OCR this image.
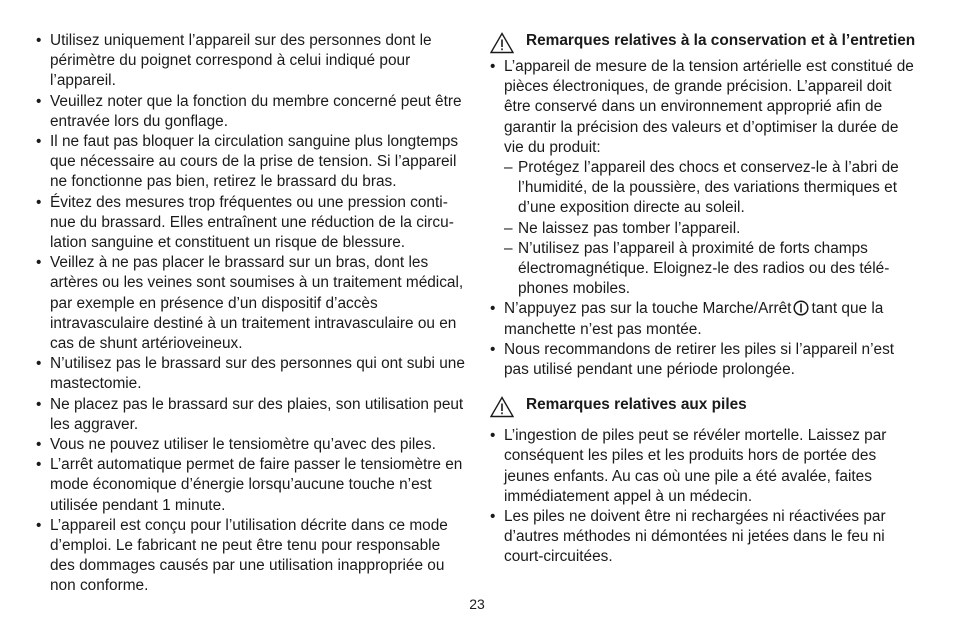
• Utilisez uniquement l’appareil sur des personnes dont le périmètre du poignet correspond à celui indiqué pour l’appareil.
• Veuillez noter que la fonction du membre concerné peut être entravée lors du gonflage.
• Il ne faut pas bloquer la circulation sanguine plus longtemps que nécessaire au cours de la prise de tension. Si l’appareil ne fonctionne pas bien, retirez le brassard du bras.
• Évitez des mesures trop fréquentes ou une pression continue du brassard. Elles entraînent une réduction de la circulation sanguine et constituent un risque de blessure.
• Veillez à ne pas placer le brassard sur un bras, dont les artères ou les veines sont soumises à un traitement médical, par exemple en présence d’un dispositif d’accès intravasculaire destiné à un traitement intravasculaire ou en cas de shunt artérioveineux.
• N’utilisez pas le brassard sur des personnes qui ont subi une mastectomie.
• Ne placez pas le brassard sur des plaies, son utilisation peut les aggraver.
• Vous ne pouvez utiliser le tensiomètre qu’avec des piles.
• L’arrêt automatique permet de faire passer le tensiomètre en mode économique d’énergie lorsqu’aucune touche n’est utilisée pendant 1 minute.
• L’appareil est conçu pour l’utilisation décrite dans ce mode d’emploi. Le fabricant ne peut être tenu pour responsable des dommages causés par une utilisation inappropriée ou non conforme.
Remarques relatives à la conservation et à l’entretien
• L’appareil de mesure de la tension artérielle est constitué de pièces électroniques, de grande précision. L’appareil doit être conservé dans un environnement approprié afin de garantir la précision des valeurs et d’optimiser la durée de vie du produit:
– Protégez l’appareil des chocs et conservez-le à l’abri de l’humidité, de la poussière, des variations thermiques et d’une exposition directe au soleil.
– Ne laissez pas tomber l’appareil.
– N’utilisez pas l’appareil à proximité de forts champs électromagnétique. Eloignez-le des radios ou des téléphones mobiles.
• N’appuyez pas sur la touche Marche/Arrêt tant que la manchette n’est pas montée.
• Nous recommandons de retirer les piles si l’appareil n’est pas utilisé pendant une période prolongée.
Remarques relatives aux piles
• L’ingestion de piles peut se révéler mortelle. Laissez par conséquent les piles et les produits hors de portée des jeunes enfants. Au cas où une pile a été avalée, faites immédiatement appel à un médecin.
• Les piles ne doivent être ni rechargées ni réactivées par d’autres méthodes ni démontées ni jetées dans le feu ni court-circuitées.
23
